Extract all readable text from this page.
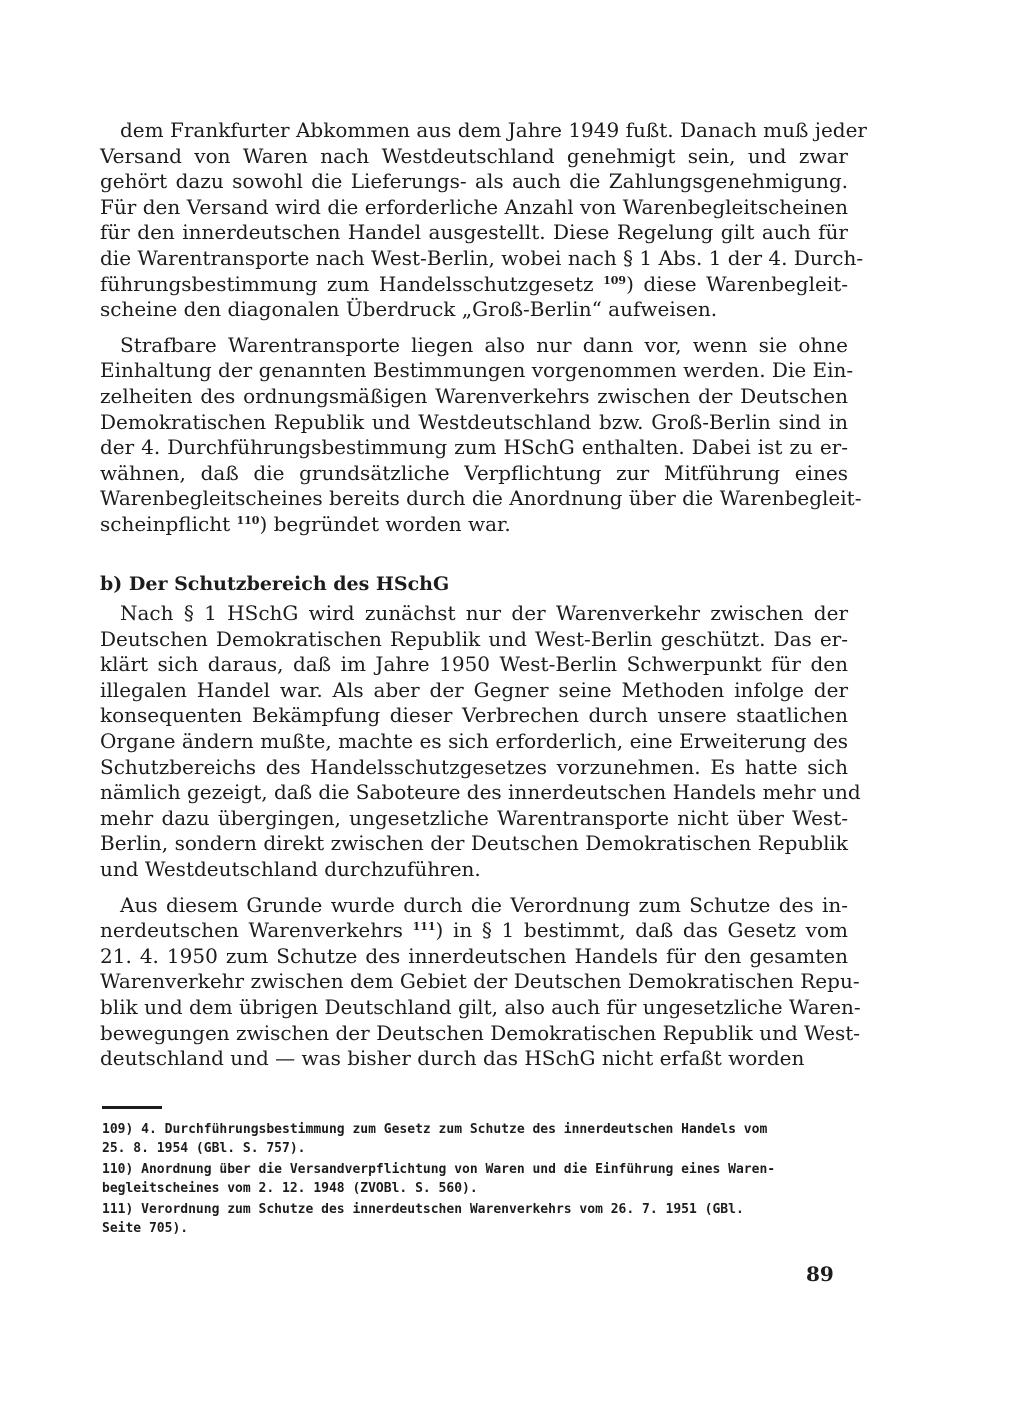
dem Frankfurter Abkommen aus dem Jahre 1949 fußt. Danach muß jeder
Versand von Waren nach Westdeutschland genehmigt sein, und zwar
gehört dazu sowohl die Lieferungs- als auch die Zahlungsgenehmigung.
Für den Versand wird die erforderliche Anzahl von Warenbegleitscheinen
für den innerdeutschen Handel ausgestellt. Diese Regelung gilt auch für
die Warentransporte nach West-Berlin, wobei nach § 1 Abs. 1 der 4. Durch-
führungsbestimmung zum Handelsschutzgesetz $^{109}$) diese Warenbegleit-
scheine den diagonalen Überdruck „Groß-Berlin“ aufweisen.
Strafbare Warentransporte liegen also nur dann vor, wenn sie ohne
Einhaltung der genannten Bestimmungen vorgenommen werden. Die Ein-
zelheiten des ordnungsmäßigen Warenverkehrs zwischen der Deutschen
Demokratischen Republik und Westdeutschland bzw. Groß-Berlin sind in
der 4. Durchführungsbestimmung zum HSchG enthalten. Dabei ist zu er-
wähnen, daß die grundsätzliche Verpflichtung zur Mitführung eines
Warenbegleitscheines bereits durch die Anordnung über die Warenbegleit-
scheinpflicht $^{110}$) begründet worden war.
b) Der Schutzbereich des HSchG
Nach § 1 HSchG wird zunächst nur der Warenverkehr zwischen der
Deutschen Demokratischen Republik und West-Berlin geschützt. Das er-
klärt sich daraus, daß im Jahre 1950 West-Berlin Schwerpunkt für den
illegalen Handel war. Als aber der Gegner seine Methoden infolge der
konsequenten Bekämpfung dieser Verbrechen durch unsere staatlichen
Organe ändern mußte, machte es sich erforderlich, eine Erweiterung des
Schutzbereichs des Handelsschutzgesetzes vorzunehmen. Es hatte sich
nämlich gezeigt, daß die Saboteure des innerdeutschen Handels mehr und
mehr dazu übergingen, ungesetzliche Warentransporte nicht über West-
Berlin, sondern direkt zwischen der Deutschen Demokratischen Republik
und Westdeutschland durchzuführen.
Aus diesem Grunde wurde durch die Verordnung zum Schutze des in-
nerdeutschen Warenverkehrs $^{111}$) in § 1 bestimmt, daß das Gesetz vom
21. 4. 1950 zum Schutze des innerdeutschen Handels für den gesamten
Warenverkehr zwischen dem Gebiet der Deutschen Demokratischen Repu-
blik und dem übrigen Deutschland gilt, also auch für ungesetzliche Waren-
bewegungen zwischen der Deutschen Demokratischen Republik und West-
deutschland und — was bisher durch das HSchG nicht erfaßt worden
109) 4. Durchführungsbestimmung zum Gesetz zum Schutze des innerdeutschen Handels vom
25. 8. 1954 (GBl. S. 757).
110) Anordnung über die Versandverpflichtung von Waren und die Einführung eines Waren-
begleitscheines vom 2. 12. 1948 (ZVOBl. S. 560).
111) Verordnung zum Schutze des innerdeutschen Warenverkehrs vom 26. 7. 1951 (GBl.
Seite 705).
89
